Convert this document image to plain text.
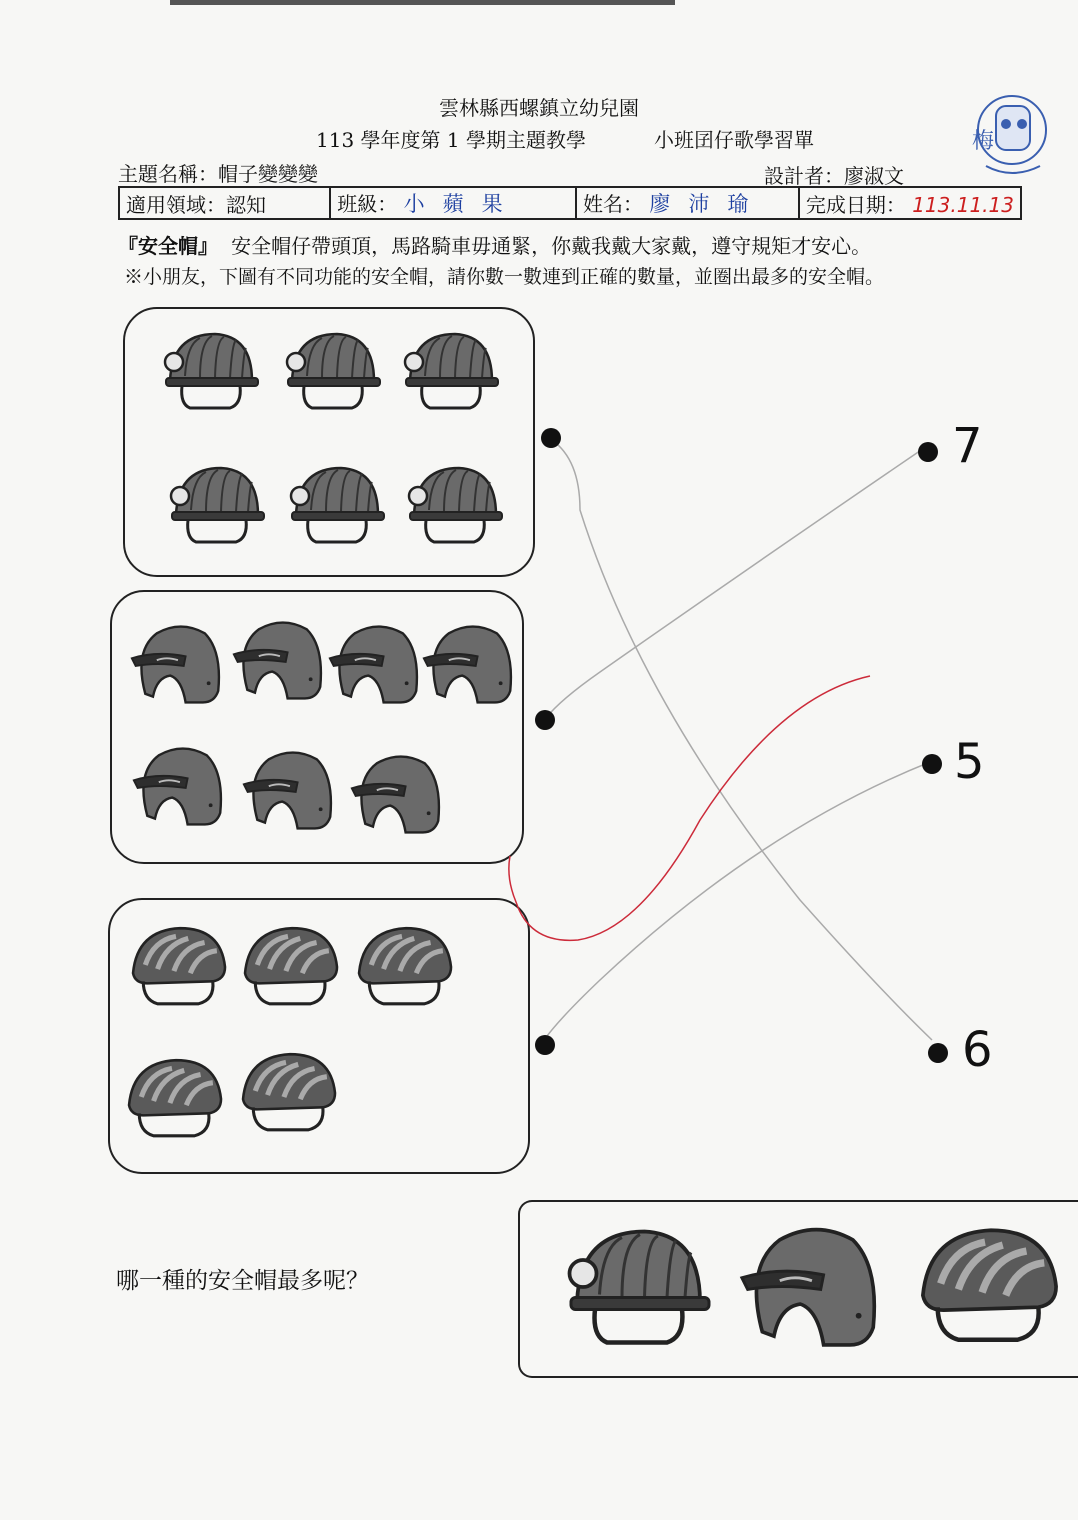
雲林縣西螺鎮立幼兒園
113 學年度第 1 學期主題教學	小班囝仔歌學習單
主題名稱：帽子變變變	設計者：廖淑文
梅
適用領域：認知	班級： 小蘋果	姓名： 廖沛瑜	完成日期： 113.11.13
『安全帽』 安全帽仔帶頭頂，馬路騎車毋通緊，你戴我戴大家戴，遵守規矩才安心。
※小朋友，下圖有不同功能的安全帽，請你數一數連到正確的數量，並圈出最多的安全帽。
7
5
6
哪一種的安全帽最多呢？
